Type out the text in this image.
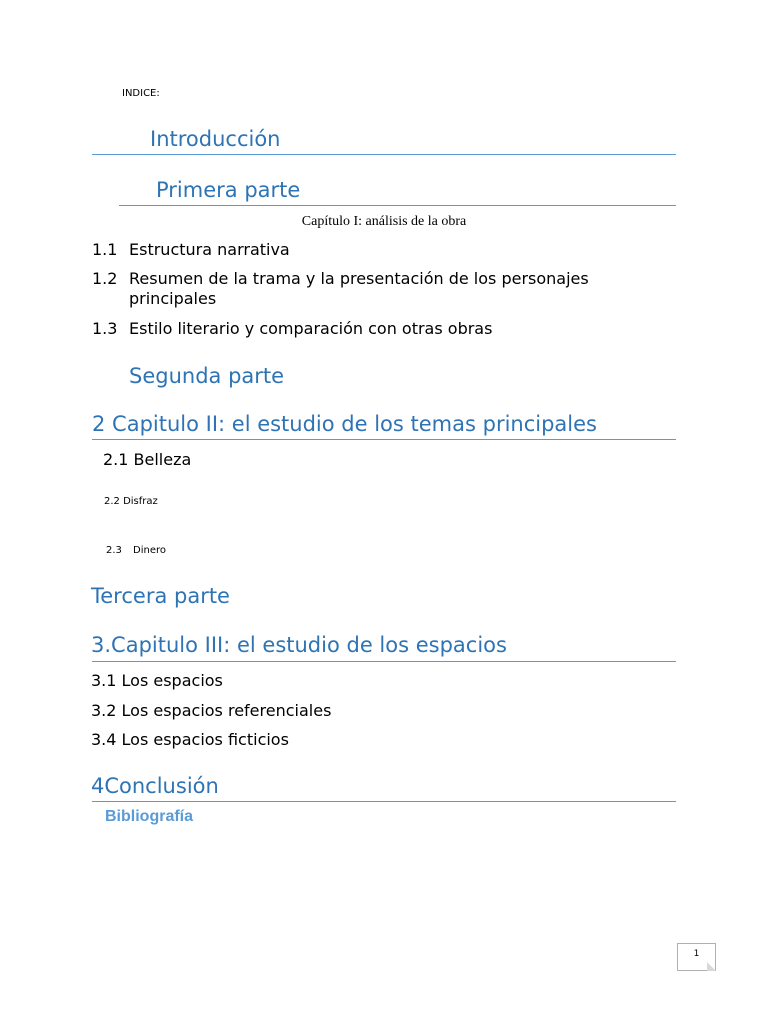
INDICE:
Introducción
Primera parte
Capítulo I: análisis de la obra
1.1 Estructura narrativa
1.2 Resumen de la trama y la presentación de los personajes
principales
1.3 Estilo literario y comparación con otras obras
Segunda parte
2 Capitulo II: el estudio de los temas principales
2.1 Belleza
2.2 Disfraz
2.3 Dinero
Tercera parte
3.Capitulo III: el estudio de los espacios
3.1 Los espacios
3.2 Los espacios referenciales
3.4 Los espacios ficticios
4Conclusión
Bibliografía
1
